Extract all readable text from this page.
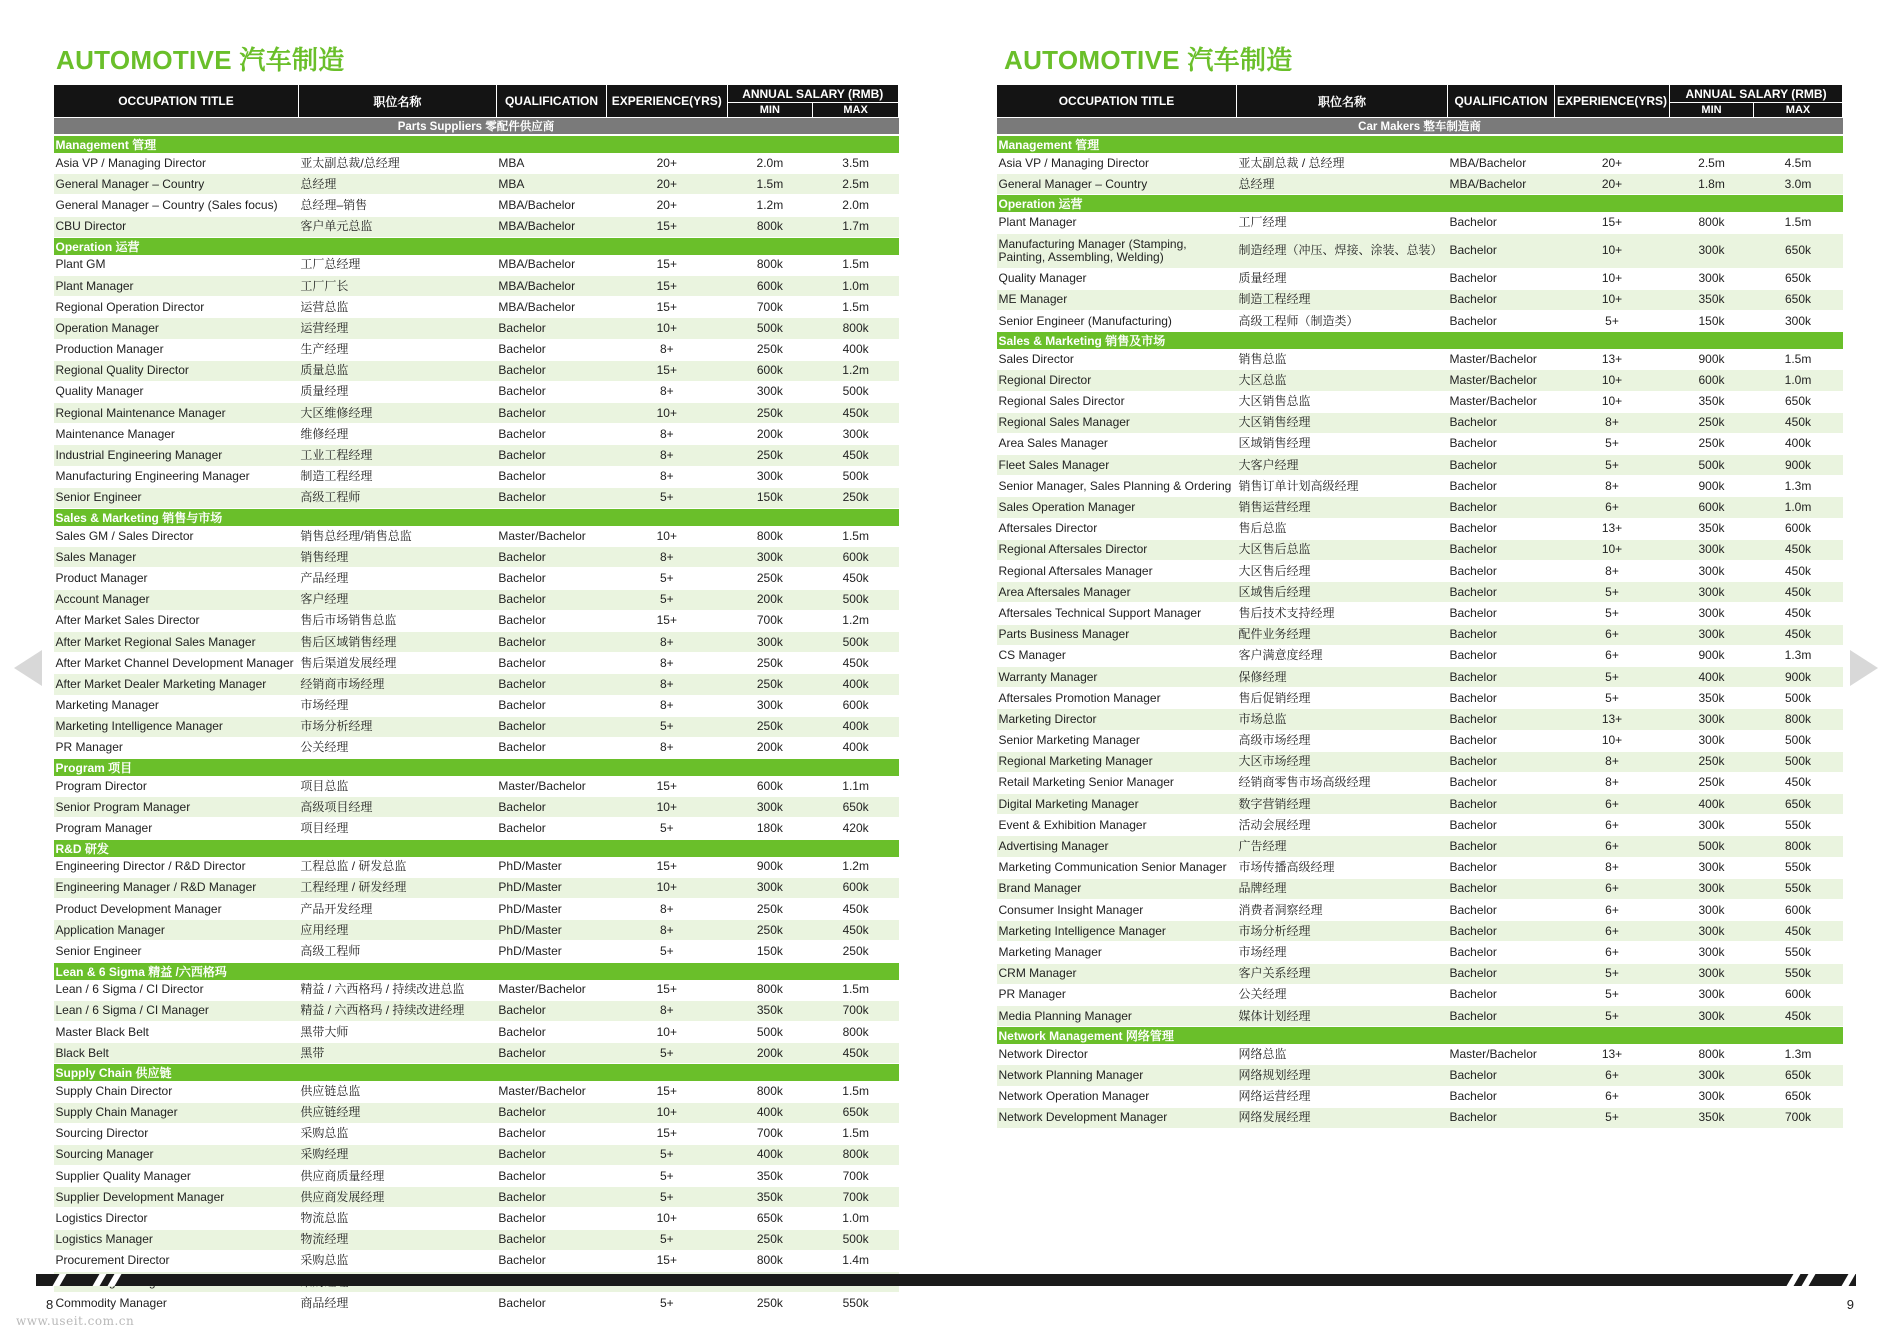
AUTOMOTIVE 汽车制造
OCCUPATION TITLE	职位名称	QUALIFICATION	EXPERIENCE(YRS)	ANNUAL SALARY (RMB)	
				MIN	MAX
Parts Suppliers 零配件供应商					
Management 管理					
Asia VP / Managing Director	亚太副总裁/总经理	MBA	20+	2.0m	3.5m
General Manager – Country	总经理	MBA	20+	1.5m	2.5m
General Manager – Country (Sales focus)	总经理–销售	MBA/Bachelor	20+	1.2m	2.0m
CBU Director	客户单元总监	MBA/Bachelor	15+	800k	1.7m
Operation 运营					
Plant GM	工厂总经理	MBA/Bachelor	15+	800k	1.5m
Plant Manager	工厂厂长	MBA/Bachelor	15+	600k	1.0m
Regional Operation Director	运营总监	MBA/Bachelor	15+	700k	1.5m
Operation Manager	运营经理	Bachelor	10+	500k	800k
Production Manager	生产经理	Bachelor	8+	250k	400k
Regional Quality Director	质量总监	Bachelor	15+	600k	1.2m
Quality Manager	质量经理	Bachelor	8+	300k	500k
Regional Maintenance Manager	大区维修经理	Bachelor	10+	250k	450k
Maintenance Manager	维修经理	Bachelor	8+	200k	300k
Industrial Engineering Manager	工业工程经理	Bachelor	8+	250k	450k
Manufacturing Engineering Manager	制造工程经理	Bachelor	8+	300k	500k
Senior Engineer	高级工程师	Bachelor	5+	150k	250k
Sales & Marketing 销售与市场					
Sales GM / Sales Director	销售总经理/销售总监	Master/Bachelor	10+	800k	1.5m
Sales Manager	销售经理	Bachelor	8+	300k	600k
Product Manager	产品经理	Bachelor	5+	250k	450k
Account Manager	客户经理	Bachelor	5+	200k	500k
After Market Sales Director	售后市场销售总监	Bachelor	15+	700k	1.2m
After Market Regional Sales Manager	售后区域销售经理	Bachelor	8+	300k	500k
After Market Channel Development Manager	售后渠道发展经理	Bachelor	8+	250k	450k
After Market Dealer Marketing Manager	经销商市场经理	Bachelor	8+	250k	400k
Marketing Manager	市场经理	Bachelor	8+	300k	600k
Marketing Intelligence Manager	市场分析经理	Bachelor	5+	250k	400k
PR Manager	公关经理	Bachelor	8+	200k	400k
Program 项目					
Program Director	项目总监	Master/Bachelor	15+	600k	1.1m
Senior Program Manager	高级项目经理	Bachelor	10+	300k	650k
Program Manager	项目经理	Bachelor	5+	180k	420k
R&D 研发					
Engineering Director / R&D Director	工程总监 / 研发总监	PhD/Master	15+	900k	1.2m
Engineering Manager / R&D Manager	工程经理 / 研发经理	PhD/Master	10+	300k	600k
Product Development Manager	产品开发经理	PhD/Master	8+	250k	450k
Application Manager	应用经理	PhD/Master	8+	250k	450k
Senior Engineer	高级工程师	PhD/Master	5+	150k	250k
Lean & 6 Sigma 精益 /六西格玛					
Lean / 6 Sigma / CI Director	精益 / 六西格玛 / 持续改进总监	Master/Bachelor	15+	800k	1.5m
Lean / 6 Sigma / CI Manager	精益 / 六西格玛 / 持续改进经理	Bachelor	8+	350k	700k
Master Black Belt	黑带大师	Bachelor	10+	500k	800k
Black Belt	黑带	Bachelor	5+	200k	450k
Supply Chain 供应链					
Supply Chain Director	供应链总监	Master/Bachelor	15+	800k	1.5m
Supply Chain Manager	供应链经理	Bachelor	10+	400k	650k
Sourcing Director	采购总监	Bachelor	15+	700k	1.5m
Sourcing Manager	采购经理	Bachelor	5+	400k	800k
Supplier Quality Manager	供应商质量经理	Bachelor	5+	350k	700k
Supplier Development Manager	供应商发展经理	Bachelor	5+	350k	700k
Logistics Director	物流总监	Bachelor	10+	650k	1.0m
Logistics Manager	物流经理	Bachelor	5+	250k	500k
Procurement Director	采购总监	Bachelor	15+	800k	1.4m

Commodity Manager	商品经理	Bachelor	5+	250k	550k
8
AUTOMOTIVE 汽车制造
OCCUPATION TITLE	职位名称	QUALIFICATION	EXPERIENCE(YRS)	ANNUAL SALARY (RMB)	
				MIN	MAX
Car Makers 整车制造商					
Management 管理					
Asia VP / Managing Director	亚太副总裁 / 总经理	MBA/Bachelor	20+	2.5m	4.5m
General Manager – Country	总经理	MBA/Bachelor	20+	1.8m	3.0m
Operation 运营					
Plant Manager	工厂经理	Bachelor	15+	800k	1.5m
Manufacturing Manager (Stamping, Painting, Assembling, Welding)	制造经理（冲压、焊接、涂装、总装）	Bachelor	10+	300k	650k
Quality Manager	质量经理	Bachelor	10+	300k	650k
ME Manager	制造工程经理	Bachelor	10+	350k	650k
Senior Engineer (Manufacturing)	高级工程师（制造类）	Bachelor	5+	150k	300k
Sales & Marketing 销售及市场					
Sales Director	销售总监	Master/Bachelor	13+	900k	1.5m
Regional Director	大区总监	Master/Bachelor	10+	600k	1.0m
Regional Sales Director	大区销售总监	Master/Bachelor	10+	350k	650k
Regional Sales Manager	大区销售经理	Bachelor	8+	250k	450k
Area Sales Manager	区域销售经理	Bachelor	5+	250k	400k
Fleet Sales Manager	大客户经理	Bachelor	5+	500k	900k
Senior Manager, Sales Planning & Ordering	销售订单计划高级经理	Bachelor	8+	900k	1.3m
Sales Operation Manager	销售运营经理	Bachelor	6+	600k	1.0m
Aftersales Director	售后总监	Bachelor	13+	350k	600k
Regional Aftersales Director	大区售后总监	Bachelor	10+	300k	450k
Regional Aftersales Manager	大区售后经理	Bachelor	8+	300k	450k
Area Aftersales Manager	区域售后经理	Bachelor	5+	300k	450k
Aftersales Technical Support Manager	售后技术支持经理	Bachelor	5+	300k	450k
Parts Business Manager	配件业务经理	Bachelor	6+	300k	450k
CS Manager	客户满意度经理	Bachelor	6+	900k	1.3m
Warranty Manager	保修经理	Bachelor	5+	400k	900k
Aftersales Promotion Manager	售后促销经理	Bachelor	5+	350k	500k
Marketing Director	市场总监	Bachelor	13+	300k	800k
Senior Marketing Manager	高级市场经理	Bachelor	10+	300k	500k
Regional Marketing Manager	大区市场经理	Bachelor	8+	250k	500k
Retail Marketing Senior Manager	经销商零售市场高级经理	Bachelor	8+	250k	450k
Digital Marketing Manager	数字营销经理	Bachelor	6+	400k	650k
Event & Exhibition Manager	活动会展经理	Bachelor	6+	300k	550k
Advertising Manager	广告经理	Bachelor	6+	500k	800k
Marketing Communication Senior Manager	市场传播高级经理	Bachelor	8+	300k	550k
Brand Manager	品牌经理	Bachelor	6+	300k	550k
Consumer Insight Manager	消费者洞察经理	Bachelor	6+	300k	600k
Marketing Intelligence Manager	市场分析经理	Bachelor	6+	300k	450k
Marketing Manager	市场经理	Bachelor	6+	300k	550k
CRM Manager	客户关系经理	Bachelor	5+	300k	550k
PR Manager	公关经理	Bachelor	5+	300k	600k
Media Planning Manager	媒体计划经理	Bachelor	5+	300k	450k
Network Management 网络管理					
Network Director	网络总监	Master/Bachelor	13+	800k	1.3m
Network Planning Manager	网络规划经理	Bachelor	6+	300k	650k
Network Operation Manager	网络运营经理	Bachelor	6+	300k	650k
Network Development Manager	网络发展经理	Bachelor	5+	350k	700k
9
www.useit.com.cn
